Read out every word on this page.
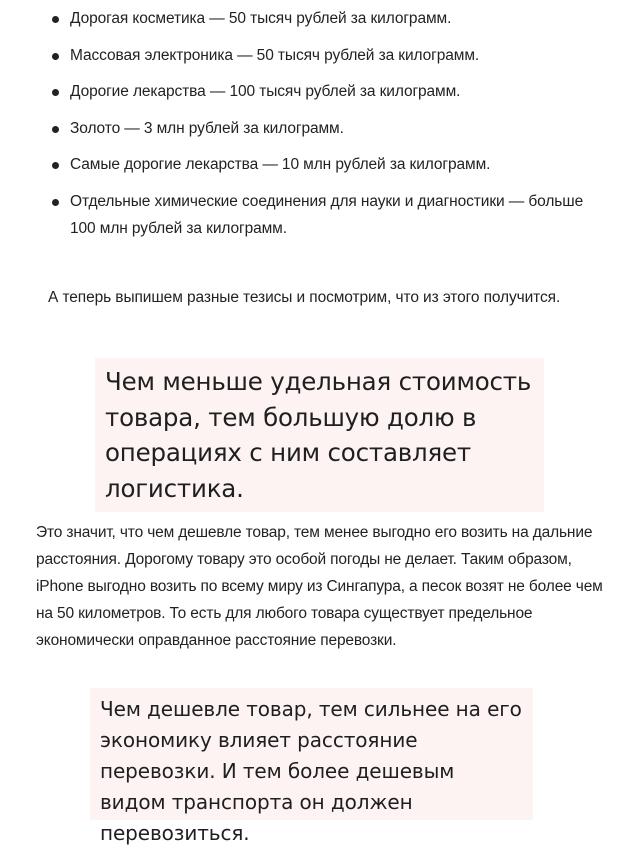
Дорогая косметика — 50 тысяч рублей за килограмм.
Массовая электроника — 50 тысяч рублей за килограмм.
Дорогие лекарства — 100 тысяч рублей за килограмм.
Золото — 3 млн рублей за килограмм.
Самые дорогие лекарства — 10 млн рублей за килограмм.
Отдельные химические соединения для науки и диагностики — больше 100 млн рублей за килограмм.

А теперь выпишем разные тезисы и посмотрим, что из этого получится.

Чем меньше удельная стоимость товара, тем большую долю в операциях с ним составляет логистика.

Это значит, что чем дешевле товар, тем менее выгодно его возить на дальние расстояния. Дорогому товару это особой погоды не делает. Таким образом, iPhone выгодно возить по всему миру из Сингапура, а песок возят не более чем на 50 километров. То есть для любого товара существует предельное экономически оправданное расстояние перевозки.

Чем дешевле товар, тем сильнее на его экономику влияет расстояние перевозки. И тем более дешевым видом транспорта он должен перевозиться.
